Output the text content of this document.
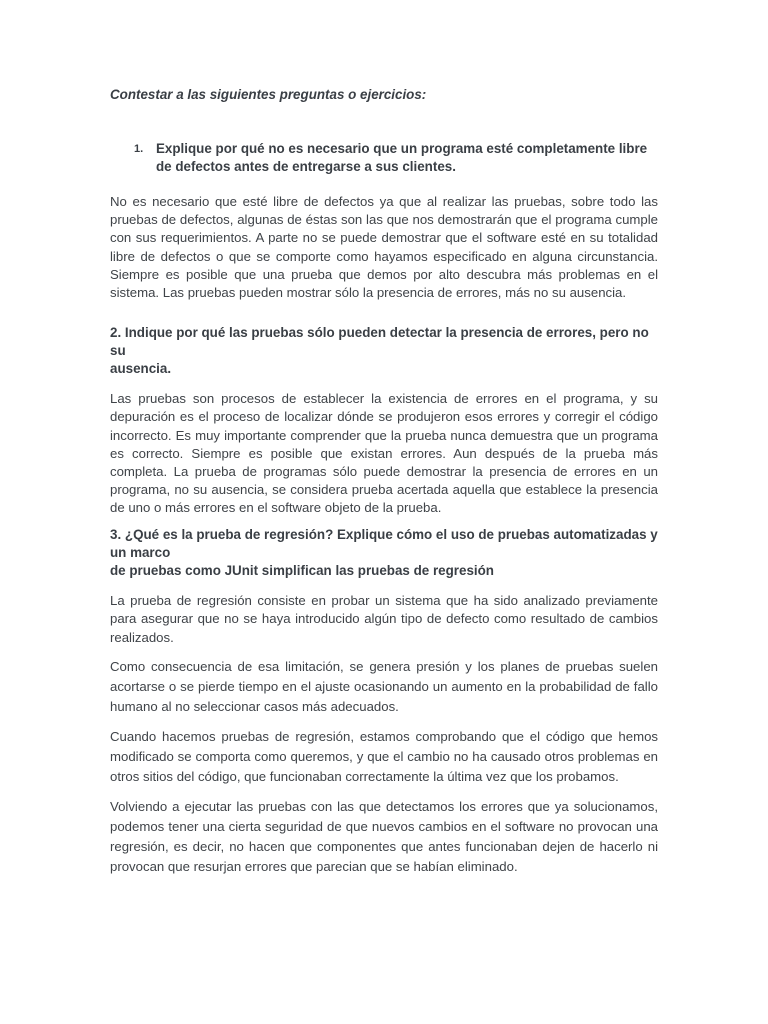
Contestar a las siguientes preguntas o ejercicios:
1. Explique por qué no es necesario que un programa esté completamente libre de defectos antes de entregarse a sus clientes.

No es necesario que esté libre de defectos ya que al realizar las pruebas, sobre todo las pruebas de defectos, algunas de éstas son las que nos demostrarán que el programa cumple con sus requerimientos. A parte no se puede demostrar que el software esté en su totalidad libre de defectos o que se comporte como hayamos especificado en alguna circunstancia. Siempre es posible que una prueba que demos por alto descubra más problemas en el sistema. Las pruebas pueden mostrar sólo la presencia de errores, más no su ausencia.

2. Indique por qué las pruebas sólo pueden detectar la presencia de errores, pero no su

ausencia.

Las pruebas son procesos de establecer la existencia de errores en el programa, y su depuración es el proceso de localizar dónde se produjeron esos errores y corregir el código incorrecto. Es muy importante comprender que la prueba nunca demuestra que un programa es correcto. Siempre es posible que existan errores. Aun después de la prueba más completa. La prueba de programas sólo puede demostrar la presencia de errores en un programa, no su ausencia, se considera prueba acertada aquella que establece la presencia de uno o más errores en el software objeto de la prueba.

3. ¿Qué es la prueba de regresión? Explique cómo el uso de pruebas automatizadas y un marco

de pruebas como JUnit simplifican las pruebas de regresión

La prueba de regresión consiste en probar un sistema que ha sido analizado previamente para asegurar que no se haya introducido algún tipo de defecto como resultado de cambios realizados.

Como consecuencia de esa limitación, se genera presión y los planes de pruebas suelen acortarse o se pierde tiempo en el ajuste ocasionando un aumento en la probabilidad de fallo humano al no seleccionar casos más adecuados.

Cuando hacemos pruebas de regresión, estamos comprobando que el código que hemos modificado se comporta como queremos, y que el cambio no ha causado otros problemas en otros sitios del código, que funcionaban correctamente la última vez que los probamos.

Volviendo a ejecutar las pruebas con las que detectamos los errores que ya solucionamos, podemos tener una cierta seguridad de que nuevos cambios en el software no provocan una regresión, es decir, no hacen que componentes que antes funcionaban dejen de hacerlo ni provocan que resurjan errores que parecian que se habían eliminado.
